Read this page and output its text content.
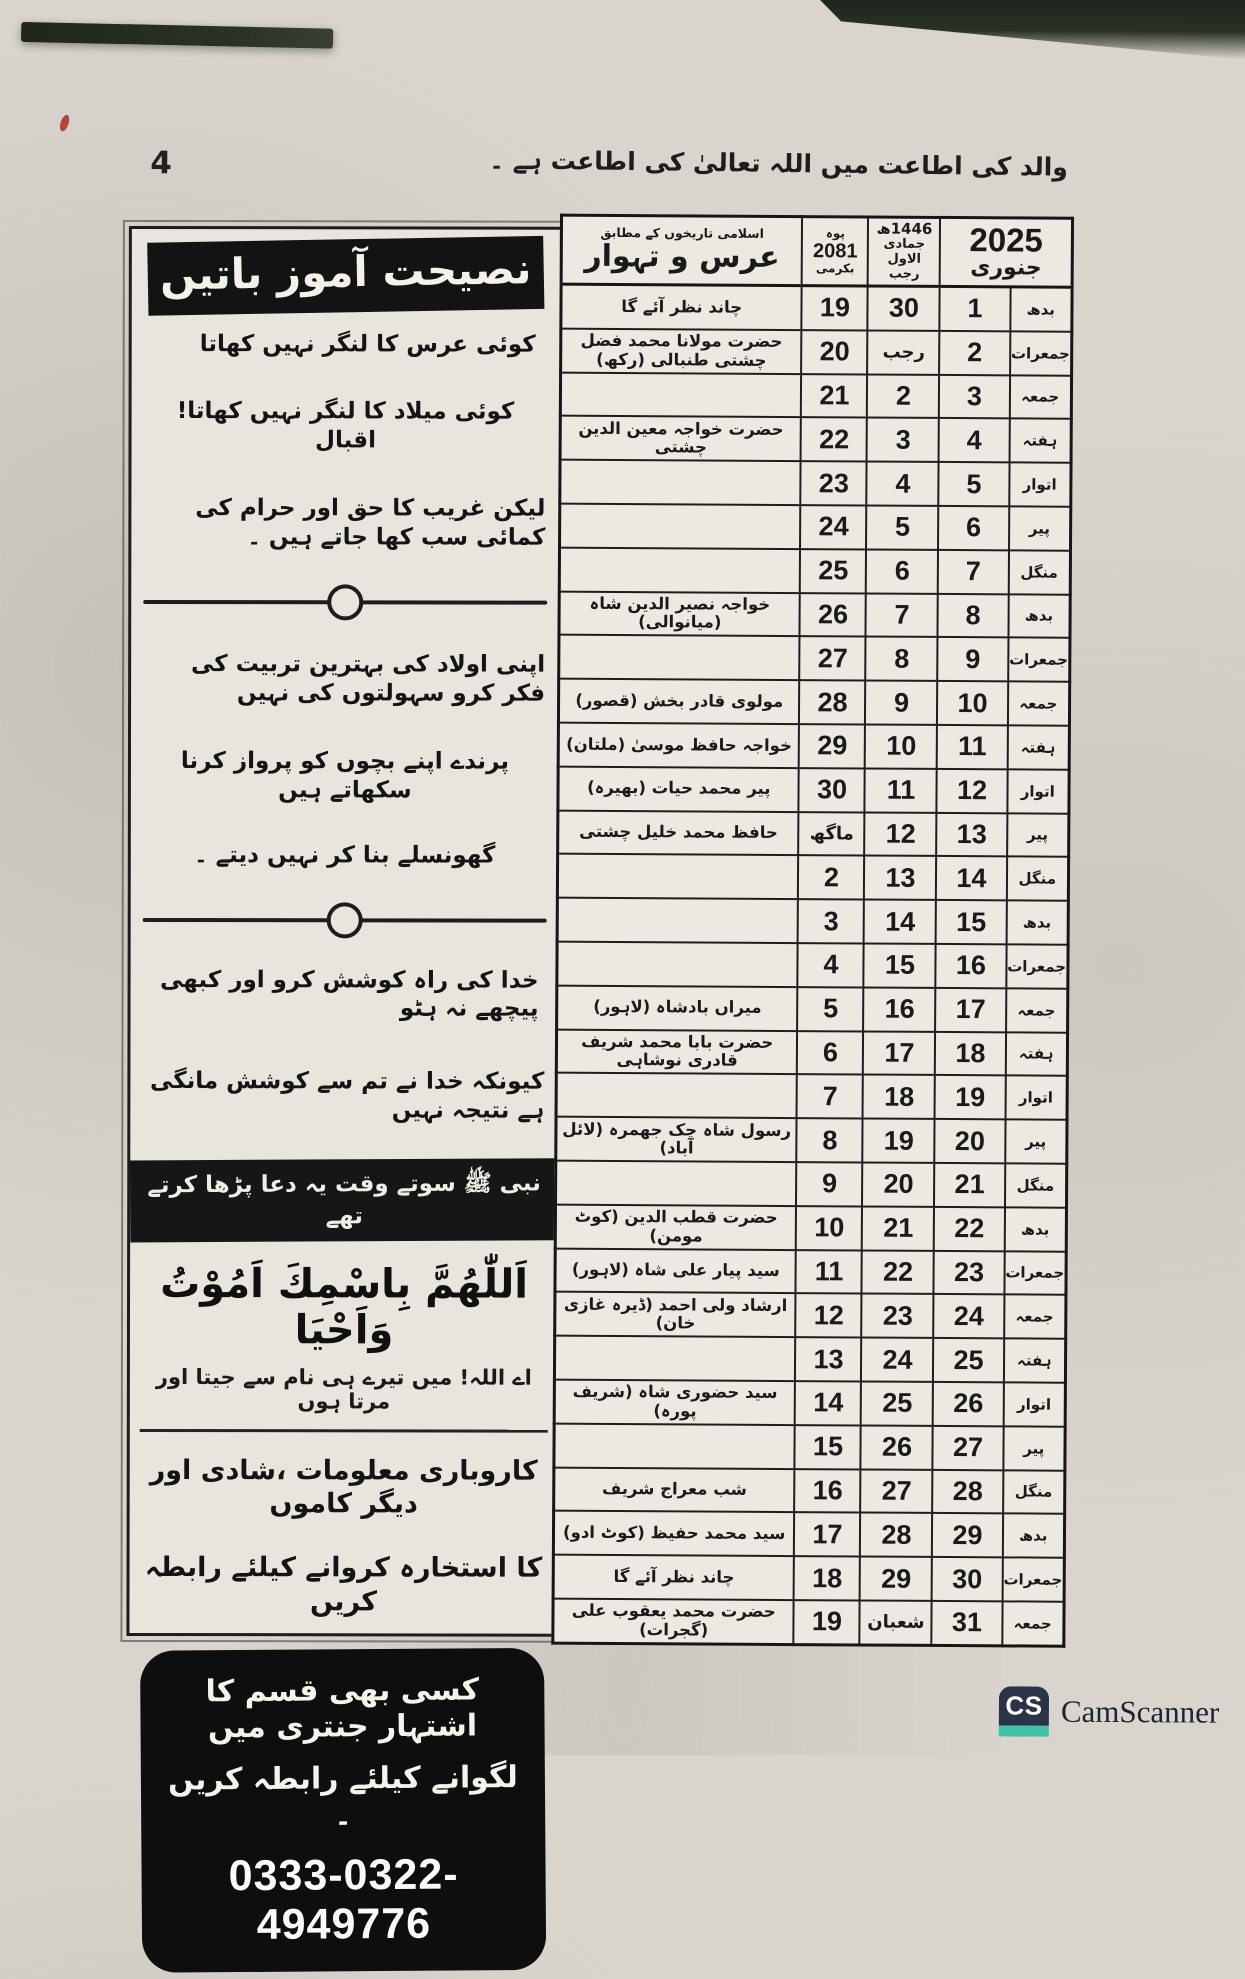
4	والد کی اطاعت میں اللہ تعالیٰ کی اطاعت ہے ۔
نصیحت آموز باتیں

کوئی عرس کا لنگر نہیں کھاتا

کوئی میلاد کا لنگر نہیں کھاتا! اقبال

لیکن غریب کا حق اور حرام کی کمائی سب کھا جاتے ہیں ۔

اپنی اولاد کی بہترین تربیت کی فکر کرو سہولتوں کی نہیں

پرندے اپنے بچوں کو پرواز کرنا سکھاتے ہیں

گھونسلے بنا کر نہیں دیتے ۔

خدا کی راہ کوشش کرو اور کبھی پیچھے نہ ہٹو

کیونکہ خدا نے تم سے کوشش مانگی ہے نتیجہ نہیں

نبی ﷺ سوتے وقت یہ دعا پڑھا کرتے تھے
اَللّٰهُمَّ بِاسْمِكَ اَمُوْتُ وَاَحْيَا
اے اللہ! میں تیرے ہی نام سے جیتا اور مرتا ہوں

کاروباری معلومات ،شادی اور دیگر کاموں

کا استخارہ کروانے کیلئے رابطہ کریں

کسی بھی قسم کا اشتہار جنتری میں
لگوانے کیلئے رابطہ کریں ۔
0333-0322-4949776
2025
جنوری

1446ھ
جمادی الاول
رجب

پوہ
2081
بکرمی

اسلامی تاریخوں کے مطابق
عرس و تہوار

بدھ	1	30	19	چاند نظر آئے گا
جمعرات	2	رجب	20	حضرت مولانا محمد فضل چشتی طنبالی (رکھ)
جمعہ	3	2	21	
ہفتہ	4	3	22	حضرت خواجہ معین الدین چشتی
اتوار	5	4	23	
پیر	6	5	24	
منگل	7	6	25	
بدھ	8	7	26	خواجہ نصیر الدین شاہ (میانوالی)
جمعرات	9	8	27	
جمعہ	10	9	28	مولوی قادر بخش (قصور)
ہفتہ	11	10	29	خواجہ حافظ موسیٰ (ملتان)
اتوار	12	11	30	پیر محمد حیات (بھیرہ)
پیر	13	12	ماگھ	حافظ محمد خلیل چشتی
منگل	14	13	2	
بدھ	15	14	3	
جمعرات	16	15	4	
جمعہ	17	16	5	میراں بادشاہ (لاہور)
ہفتہ	18	17	6	حضرت بابا محمد شریف قادری نوشاہی
اتوار	19	18	7	
پیر	20	19	8	رسول شاہ چک جھمرہ (لائل آباد)
منگل	21	20	9	
بدھ	22	21	10	حضرت قطب الدین (کوٹ مومن)
جمعرات	23	22	11	سید پیار علی شاہ (لاہور)
جمعہ	24	23	12	ارشاد ولی احمد (ڈیرہ غازی خان)
ہفتہ	25	24	13	
اتوار	26	25	14	سید حضوری شاہ (شریف پورہ)
پیر	27	26	15	
منگل	28	27	16	شب معراج شریف
بدھ	29	28	17	سید محمد حفیظ (کوٹ ادو)
جمعرات	30	29	18	چاند نظر آئے گا
جمعہ	31	شعبان	19	حضرت محمد یعقوب علی (گجرات)
CS CamScanner
